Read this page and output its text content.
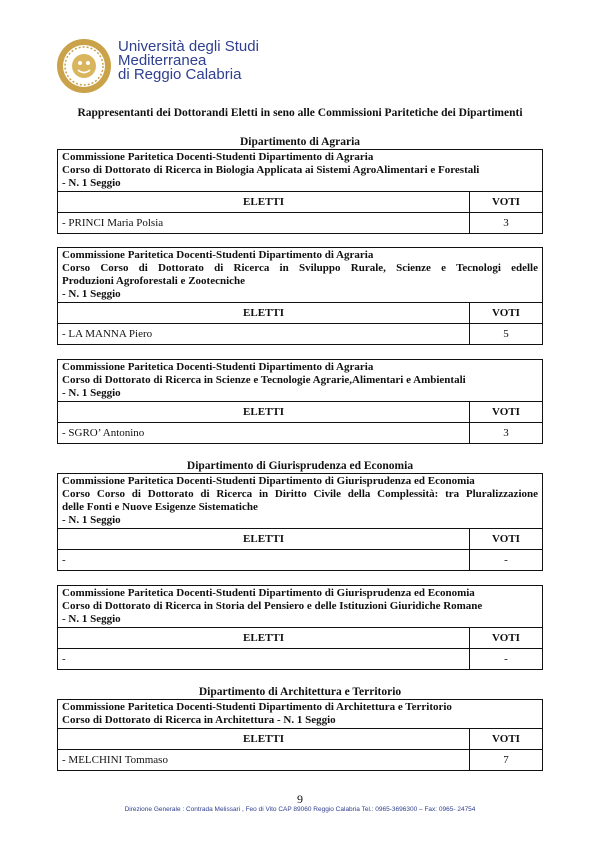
Università degli Studi
Mediterranea
di Reggio Calabria
Rappresentanti dei Dottorandi Eletti in seno alle Commissioni Paritetiche dei Dipartimenti
Dipartimento di Agraria
Commissione Paritetica Docenti-Studenti Dipartimento di Agraria
Corso di Dottorato di Ricerca in Biologia Applicata ai Sistemi AgroAlimentari e Forestali
- N. 1 Seggio	

ELETTI	VOTI
- PRINCI Maria Polsia	3
Commissione Paritetica Docenti-Studenti Dipartimento di Agraria
Corso Corso di Dottorato di Ricerca in Sviluppo Rurale, Scienze e Tecnologi edelle
Produzioni Agroforestali e Zootecniche
- N. 1 Seggio	

ELETTI	VOTI
- LA MANNA Piero	5
Commissione Paritetica Docenti-Studenti Dipartimento di Agraria
Corso di Dottorato di Ricerca in Scienze e Tecnologie Agrarie,Alimentari e Ambientali
- N. 1 Seggio	

ELETTI	VOTI
- SGRO’ Antonino	3
Dipartimento di Giurisprudenza ed Economia
Commissione Paritetica Docenti-Studenti Dipartimento di Giurisprudenza ed Economia
Corso Corso di Dottorato di Ricerca in Diritto Civile della Complessità: tra Pluralizzazione
delle Fonti e Nuove Esigenze Sistematiche
- N. 1 Seggio	

ELETTI	VOTI
-	-
Commissione Paritetica Docenti-Studenti Dipartimento di Giurisprudenza ed Economia
Corso di Dottorato di Ricerca in Storia del Pensiero e delle Istituzioni Giuridiche Romane
- N. 1 Seggio	

ELETTI	VOTI
-	-
Dipartimento di Architettura e Territorio
Commissione Paritetica Docenti-Studenti Dipartimento di Architettura e Territorio
Corso di Dottorato di Ricerca in Architettura - N. 1 Seggio	

ELETTI	VOTI
- MELCHINI Tommaso	7
9
Direzione Generale : Contrada Melissari , Feo di Vito CAP 89060 Reggio Calabria Tel.: 0965-3696300 – Fax: 0965- 24754
